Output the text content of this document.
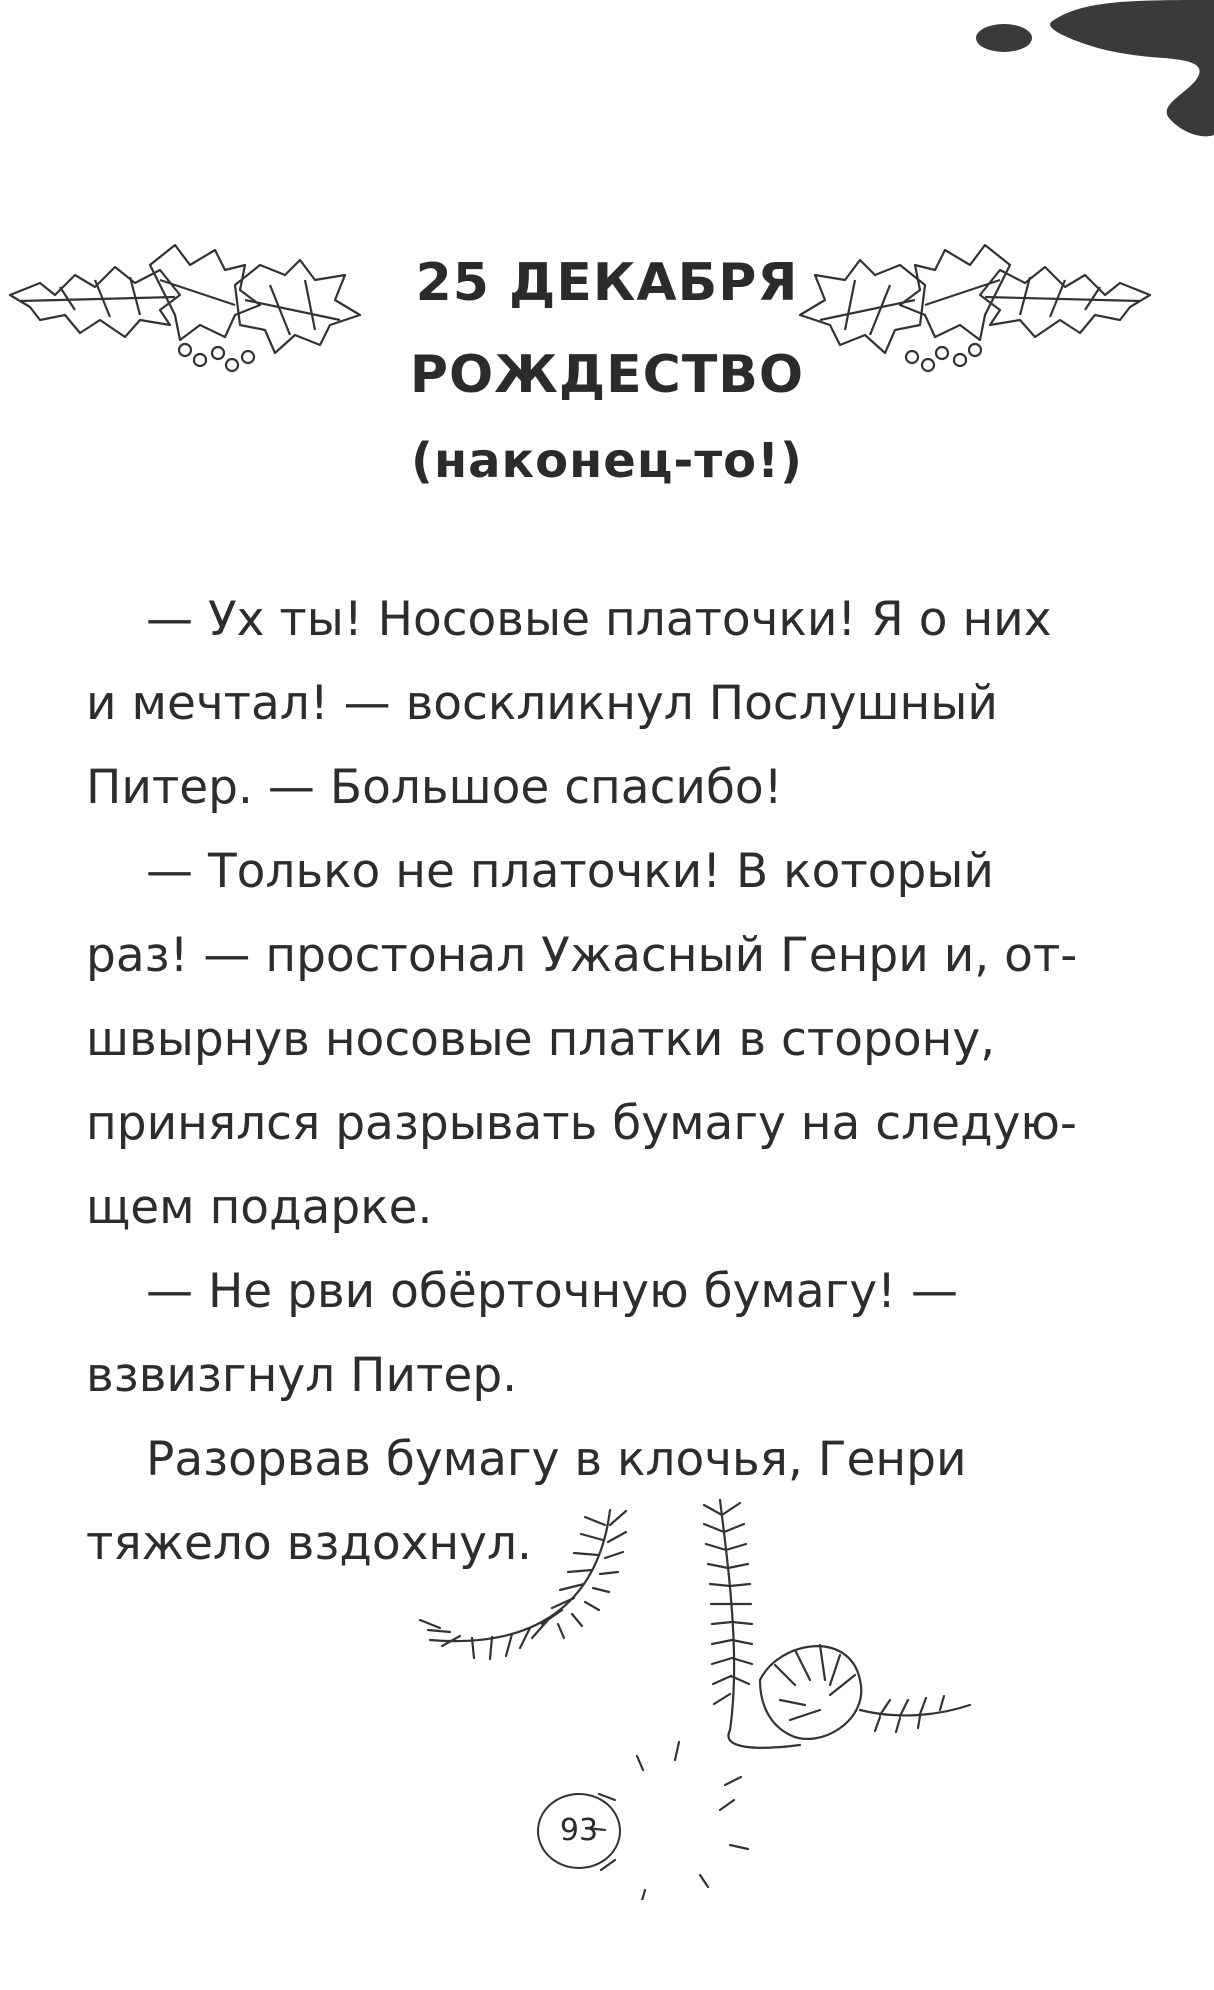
25 ДЕКАБРЯ
РОЖДЕСТВО
(наконец-то!)
— Ух ты! Носовые платочки! Я о них
и мечтал! — воскликнул Послушный
Питер. — Большое спасибо!
— Только не платочки! В который
раз! — простонал Ужасный Генри и, от-
швырнув носовые платки в сторону,
принялся разрывать бумагу на следую-
щем подарке.
— Не рви обёрточную бумагу! —
взвизгнул Питер.
Разорвав бумагу в клочья, Генри
тяжело вздохнул.
93
